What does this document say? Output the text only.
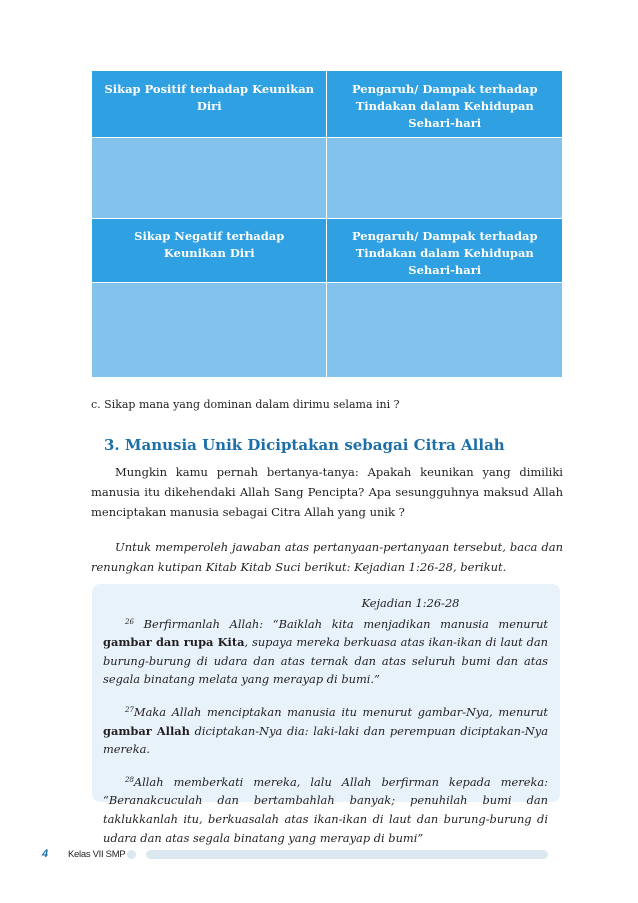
Sikap Positif terhadap Keunikan Diri	Pengaruh/ Dampak terhadap Tindakan dalam Kehidupan Sehari-hari

Sikap Negatif terhadap Keunikan Diri	Pengaruh/ Dampak terhadap Tindakan dalam Kehidupan Sehari-hari

c. Sikap mana yang dominan dalam dirimu selama ini ?
3. Manusia Unik Diciptakan sebagai Citra Allah
Mungkin kamu pernah bertanya-tanya: Apakah keunikan yang dimiliki manusia itu dikehendaki Allah Sang Pencipta? Apa sesungguhnya maksud Allah menciptakan manusia sebagai Citra Allah yang unik ?
Untuk memperoleh jawaban atas pertanyaan-pertanyaan tersebut, baca dan renungkan kutipan Kitab Kitab Suci berikut: Kejadian 1:26-28, berikut.
Kejadian 1:26-28

$^{26}$ Berfirmanlah Allah: “Baiklah kita menjadikan manusia menurut gambar dan rupa Kita, supaya mereka berkuasa atas ikan-ikan di laut dan burung-burung di udara dan atas ternak dan atas seluruh bumi dan atas segala binatang melata yang merayap di bumi.”

$^{27}$Maka Allah menciptakan manusia itu menurut gambar-Nya, menurut gambar Allah diciptakan-Nya dia: laki-laki dan perempuan diciptakan-Nya mereka.

$^{28}$Allah memberkati mereka, lalu Allah berfirman kepada mereka: “Beranakcuculah dan bertambahlah banyak; penuhilah bumi dan taklukkanlah itu, berkuasalah atas ikan-ikan di laut dan burung-burung di udara dan atas segala binatang yang merayap di bumi”

4 Kelas VII SMP
